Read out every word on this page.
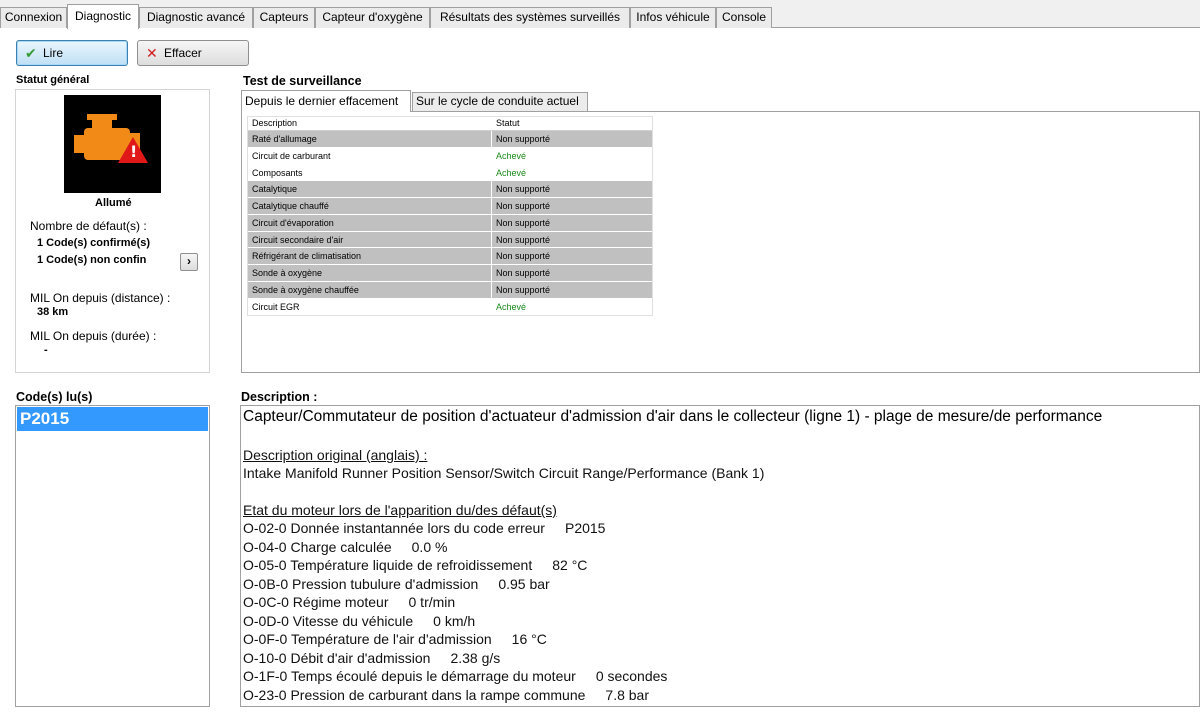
Connexion	Diagnostic	Diagnostic avancé	Capteurs	Capteur d'oxygène	Résultats des systèmes surveillés	Infos véhicule	Console
✔ Lire	✕ Effacer
Statut général
!
Allumé
Nombre de défaut(s) :
1 Code(s) confirmé(s)
1 Code(s) non confin	›
MIL On depuis (distance) :
38 km
MIL On depuis (durée) :
-
Test de surveillance
Depuis le dernier effacement	Sur le cycle de conduite actuel
Description	Statut
Raté d'allumage	Non supporté
Circuit de carburant	Achevé
Composants	Achevé
Catalytique	Non supporté
Catalytique chauffé	Non supporté
Circuit d'évaporation	Non supporté
Circuit secondaire d'air	Non supporté
Réfrigérant de climatisation	Non supporté
Sonde à oxygène	Non supporté
Sonde à oxygène chauffée	Non supporté
Circuit EGR	Achevé
Code(s) lu(s)
P2015
Description :
Capteur/Commutateur de position d'actuateur d'admission d'air dans le collecteur (ligne 1) - plage de mesure/de performance
Description original (anglais) :
Intake Manifold Runner Position Sensor/Switch Circuit Range/Performance (Bank 1)
Etat du moteur lors de l'apparition du/des défaut(s)
O-02-0 Donnée instantannée lors du code erreur P2015
O-04-0 Charge calculée 0.0 %
O-05-0 Température liquide de refroidissement 82 °C
O-0B-0 Pression tubulure d'admission 0.95 bar
O-0C-0 Régime moteur 0 tr/min
O-0D-0 Vitesse du véhicule 0 km/h
O-0F-0 Température de l'air d'admission 16 °C
O-10-0 Débit d'air d'admission 2.38 g/s
O-1F-0 Temps écoulé depuis le démarrage du moteur 0 secondes
O-23-0 Pression de carburant dans la rampe commune 7.8 bar
